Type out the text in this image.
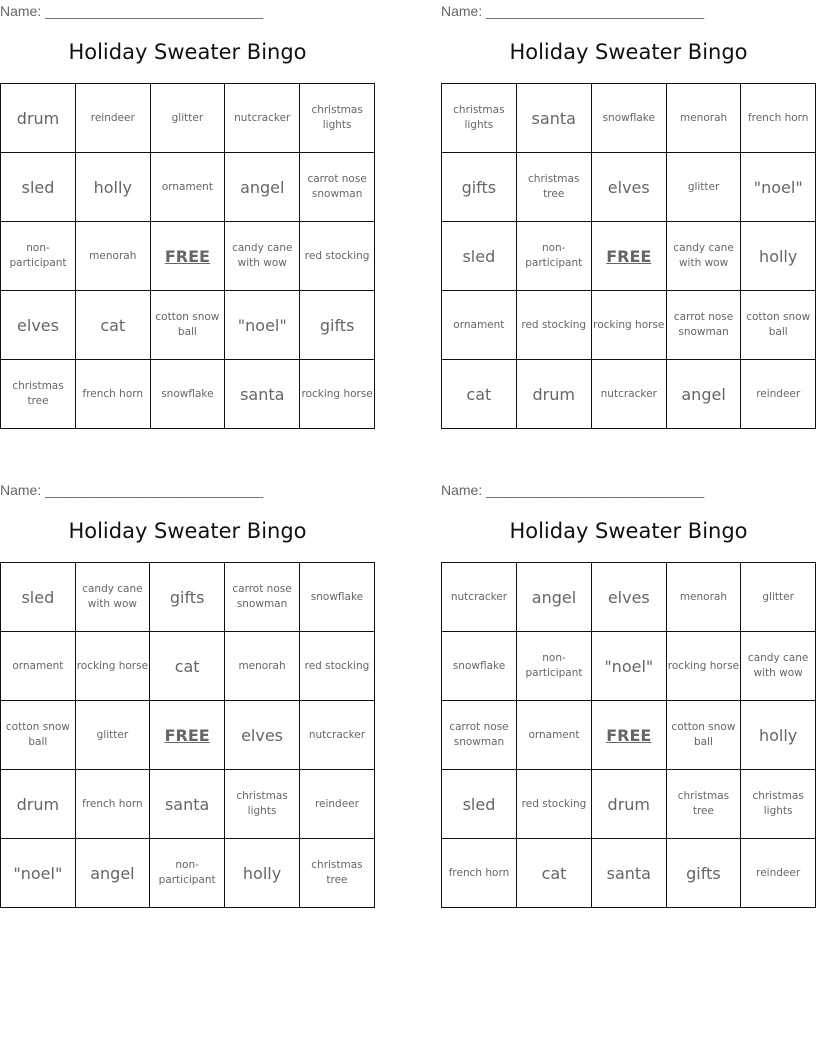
Name: ____________________________
Holiday Sweater Bingo
drum	reindeer	glitter	nutcracker	christmas lights
sled	holly	ornament	angel	carrot nose snowman
non-participant	menorah	FREE	candy cane with wow	red stocking
elves	cat	cotton snow ball	"noel"	gifts
christmas tree	french horn	snowflake	santa	rocking horse
Name: ____________________________
Holiday Sweater Bingo
christmas lights	santa	snowflake	menorah	french horn
gifts	christmas tree	elves	glitter	"noel"
sled	non-participant	FREE	candy cane with wow	holly
ornament	red stocking	rocking horse	carrot nose snowman	cotton snow ball
cat	drum	nutcracker	angel	reindeer
Name: ____________________________
Holiday Sweater Bingo
sled	candy cane with wow	gifts	carrot nose snowman	snowflake
ornament	rocking horse	cat	menorah	red stocking
cotton snow ball	glitter	FREE	elves	nutcracker
drum	french horn	santa	christmas lights	reindeer
"noel"	angel	non-participant	holly	christmas tree
Name: ____________________________
Holiday Sweater Bingo
nutcracker	angel	elves	menorah	glitter
snowflake	non-participant	"noel"	rocking horse	candy cane with wow
carrot nose snowman	ornament	FREE	cotton snow ball	holly
sled	red stocking	drum	christmas tree	christmas lights
french horn	cat	santa	gifts	reindeer
